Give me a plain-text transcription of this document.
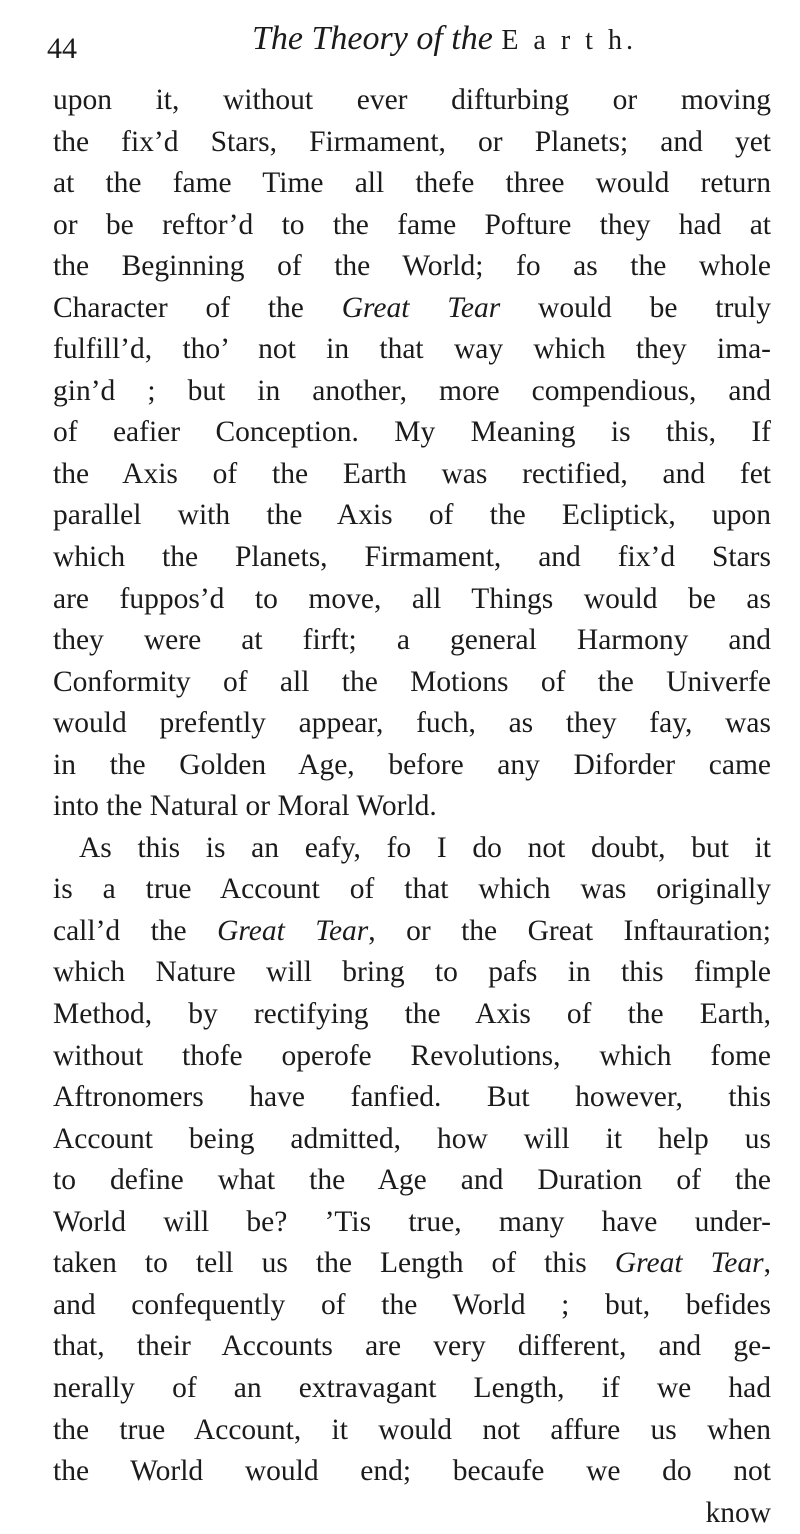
44	The Theory of the E a r t h.
upon it, without ever difturbing or moving
the fix’d Stars, Firmament, or Planets; and yet
at the fame Time all thefe three would return
or be reftor’d to the fame Pofture they had at
the Beginning of the World; fo as the whole
Character of the Great Tear would be truly
fulfill’d, tho’ not in that way which they ima-
gin’d ; but in another, more compendious, and
of eafier Conception. My Meaning is this, If
the Axis of the Earth was rectified, and fet
parallel with the Axis of the Ecliptick, upon
which the Planets, Firmament, and fix’d Stars
are fuppos’d to move, all Things would be as
they were at firft; a general Harmony and
Conformity of all the Motions of the Univerfe
would prefently appear, fuch, as they fay, was
in the Golden Age, before any Diforder came
into the Natural or Moral World.
As this is an eafy, fo I do not doubt, but it
is a true Account of that which was originally
call’d the Great Tear, or the Great Inftauration;
which Nature will bring to pafs in this fimple
Method, by rectifying the Axis of the Earth,
without thofe operofe Revolutions, which fome
Aftronomers have fanfied. But however, this
Account being admitted, how will it help us
to define what the Age and Duration of the
World will be? ’Tis true, many have under-
taken to tell us the Length of this Great Tear,
and confequently of the World ; but, befides
that, their Accounts are very different, and ge-
nerally of an extravagant Length, if we had
the true Account, it would not affure us when
the World would end; becaufe we do not
know
